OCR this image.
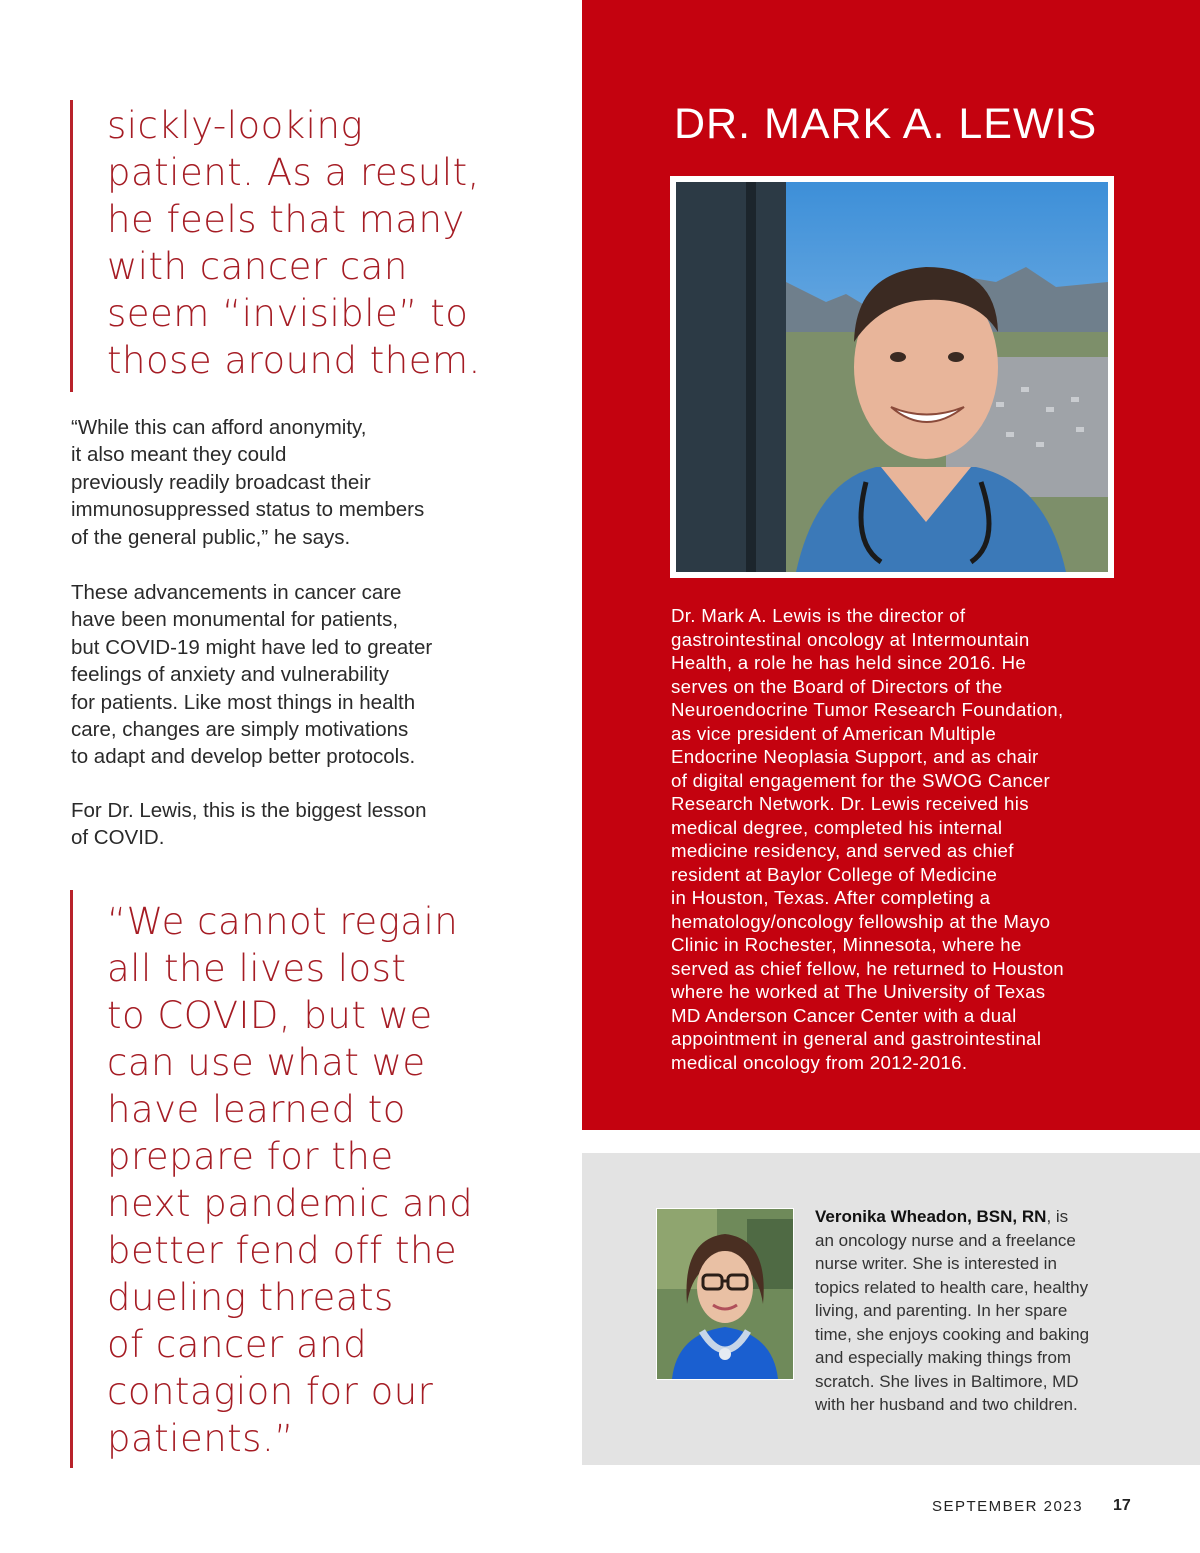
sickly-looking
patient. As a result,
he feels that many
with cancer can
seem “invisible” to
those around them.
“While this can afford anonymity,
it also meant they could
previously readily broadcast their
immunosuppressed status to members
of the general public,” he says.
These advancements in cancer care
have been monumental for patients,
but COVID-19 might have led to greater
feelings of anxiety and vulnerability
for patients. Like most things in health
care, changes are simply motivations
to adapt and develop better protocols.
For Dr. Lewis, this is the biggest lesson
of COVID.
“We cannot regain
all the lives lost
to COVID, but we
can use what we
have learned to
prepare for the
next pandemic and
better fend off the
dueling threats
of cancer and
contagion for our
patients.”
DR. MARK A. LEWIS
Dr. Mark A. Lewis is the director of
gastrointestinal oncology at Intermountain
Health, a role he has held since 2016. He
serves on the Board of Directors of the
Neuroendocrine Tumor Research Foundation,
as vice president of American Multiple
Endocrine Neoplasia Support, and as chair
of digital engagement for the SWOG Cancer
Research Network. Dr. Lewis received his
medical degree, completed his internal
medicine residency, and served as chief
resident at Baylor College of Medicine
in Houston, Texas. After completing a
hematology/oncology fellowship at the Mayo
Clinic in Rochester, Minnesota, where he
served as chief fellow, he returned to Houston
where he worked at The University of Texas
MD Anderson Cancer Center with a dual
appointment in general and gastrointestinal
medical oncology from 2012-2016.
Veronika Wheadon, BSN, RN, is
an oncology nurse and a freelance
nurse writer. She is interested in
topics related to health care, healthy
living, and parenting. In her spare
time, she enjoys cooking and baking
and especially making things from
scratch. She lives in Baltimore, MD
with her husband and two children.
SEPTEMBER 2023 17
